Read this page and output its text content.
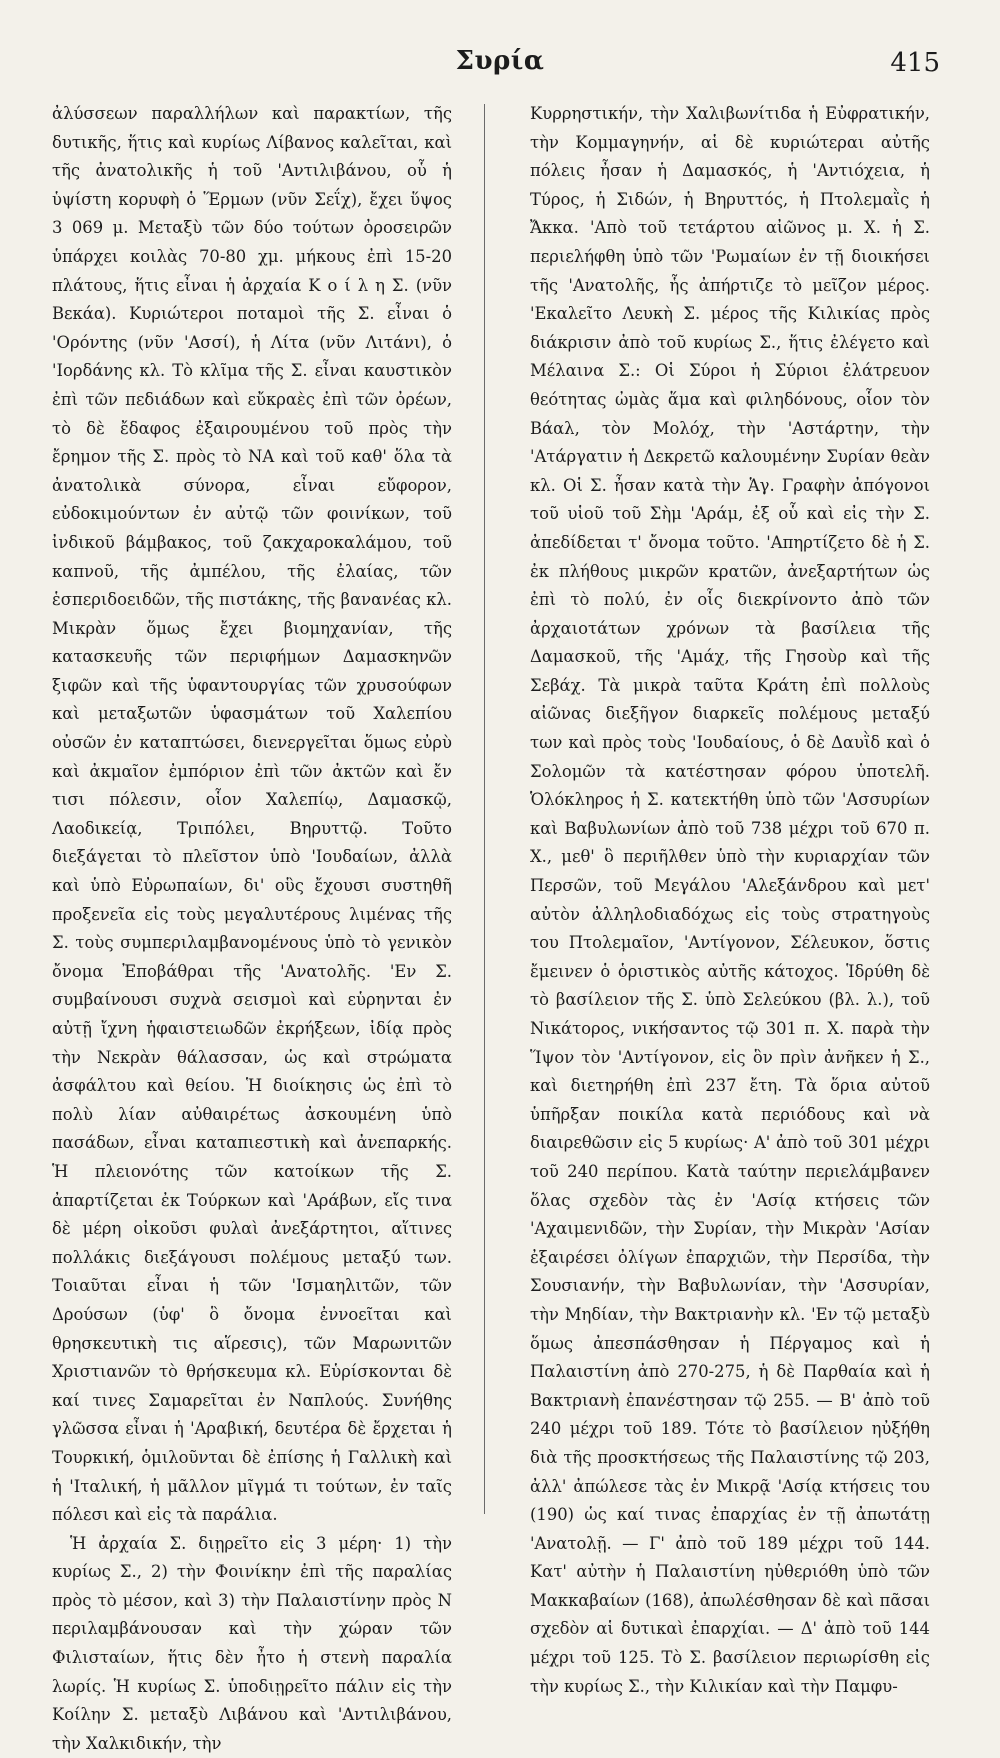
Συρία	415

ἀλύσσεων παραλλήλων καὶ παρακτίων, τῆς δυτικῆς, ἥτις καὶ κυρίως Λίβανος καλεῖται, καὶ τῆς ἀνατολικῆς ἡ τοῦ 'Αντιλιβάνου, οὗ ἡ ὑψίστη κορυφὴ ὁ Ἕρμων (νῦν Σεΐχ), ἔχει ὕψος 3 069 μ. Μεταξὺ τῶν δύο τούτων ὀροσειρῶν ὑπάρχει κοιλὰς 70-80 χμ. μήκους ἐπὶ 15-20 πλάτους, ἥτις εἶναι ἡ ἀρχαία Κ ο ί λ η Σ. (νῦν Βεκάα). Κυριώτεροι ποταμοὶ τῆς Σ. εἶναι ὁ 'Ορόντης (νῦν 'Ασσί), ἡ Λίτα (νῦν Λιτάνι), ὁ 'Ιορδάνης κλ. Τὸ κλῖμα τῆς Σ. εἶναι καυστικὸν ἐπὶ τῶν πεδιάδων καὶ εὔκραὲς ἐπὶ τῶν ὀρέων, τὸ δὲ ἔδαφος ἐξαιρουμένου τοῦ πρὸς τὴν ἔρημον τῆς Σ. πρὸς τὸ ΝΑ καὶ τοῦ καθ' ὅλα τὰ ἀνατολικὰ σύνορα, εἶναι εὔφορον, εὐδοκιμούντων ἐν αὐτῷ τῶν φοινίκων, τοῦ ἰνδικοῦ βάμβακος, τοῦ ζακχαροκαλάμου, τοῦ καπνοῦ, τῆς ἀμπέλου, τῆς ἐλαίας, τῶν ἑσπεριδοειδῶν, τῆς πιστάκης, τῆς βανανέας κλ. Μικρὰν ὅμως ἔχει βιομηχανίαν, τῆς κατασκευῆς τῶν περιφήμων Δαμασκηνῶν ξιφῶν καὶ τῆς ὑφαντουργίας τῶν χρυσούφων καὶ μεταξωτῶν ὑφασμάτων τοῦ Χαλεπίου οὐσῶν ἐν καταπτώσει, διενεργεῖται ὅμως εὐρὺ καὶ ἀκμαῖον ἐμπόριον ἐπὶ τῶν ἀκτῶν καὶ ἔν τισι πόλεσιν, οἷον Χαλεπίῳ, Δαμασκῷ, Λαοδικείᾳ, Τριπόλει, Βηρυττῷ. Τοῦτο διεξάγεται τὸ πλεῖστον ὑπὸ 'Ιουδαίων, ἀλλὰ καὶ ὑπὸ Εὐρωπαίων, δι' οὓς ἔχουσι συστηθῆ προξενεῖα εἰς τοὺς μεγαλυτέρους λιμένας τῆς Σ. τοὺς συμπεριλαμβανομένους ὑπὸ τὸ γενικὸν ὄνομα Ἐποβάθραι τῆς 'Ανατολῆς. 'Εν Σ. συμβαίνουσι συχνὰ σεισμοὶ καὶ εὑρηνται ἐν αὐτῇ ἴχνη ἡφαιστειωδῶν ἐκρήξεων, ἰδίᾳ πρὸς τὴν Νεκρὰν θάλασσαν, ὡς καὶ στρώματα ἀσφάλτου καὶ θείου. Ἡ διοίκησις ὡς ἐπὶ τὸ πολὺ λίαν αὐθαιρέτως ἀσκουμένη ὑπὸ πασάδων, εἶναι καταπιεστικὴ καὶ ἀνεπαρκής. Ἡ πλειονότης τῶν κατοίκων τῆς Σ. ἀπαρτίζεται ἐκ Τούρκων καὶ 'Αράβων, εἴς τινα δὲ μέρη οἰκοῦσι φυλαὶ ἀνεξάρτητοι, αἵτινες πολλάκις διεξάγουσι πολέμους μεταξύ των. Τοιαῦται εἶναι ἡ τῶν 'Ισμαηλιτῶν, τῶν Δρούσων (ὑφ' ὃ ὄνομα ἐννοεῖται καὶ θρησκευτικὴ τις αἵρεσις), τῶν Μαρωνιτῶν Χριστιανῶν τὸ θρήσκευμα κλ. Εὑρίσκονται δὲ καί τινες Σαμαρεῖται ἐν Ναπλούς. Συνήθης γλῶσσα εἶναι ἡ 'Αραβική, δευτέρα δὲ ἔρχεται ἡ Τουρκική, ὁμιλοῦνται δὲ ἐπίσης ἡ Γαλλικὴ καὶ ἡ 'Ιταλική, ἡ μᾶλλον μῖγμά τι τούτων, ἐν ταῖς πόλεσι καὶ εἰς τὰ παράλια.

Ἡ ἀρχαία Σ. διῃρεῖτο εἰς 3 μέρη· 1) τὴν κυρίως Σ., 2) τὴν Φοινίκην ἐπὶ τῆς παραλίας πρὸς τὸ μέσον, καὶ 3) τὴν Παλαιστίνην πρὸς Ν περιλαμβάνουσαν καὶ τὴν χώραν τῶν Φιλισταίων, ἥτις δὲν ἦτο ἡ στενὴ παραλία λωρίς. Ἡ κυρίως Σ. ὑποδιῃρεῖτο πάλιν εἰς τὴν Κοίλην Σ. μεταξὺ Λιβάνου καὶ 'Αντιλιβάνου, τὴν Χαλκιδικήν, τὴν

Κυρρηστικήν, τὴν Χαλιβωνίτιδα ἡ Εὐφρατικήν, τὴν Κομμαγηνήν, αἱ δὲ κυριώτεραι αὐτῆς πόλεις ἦσαν ἡ Δαμασκός, ἡ 'Αντιόχεια, ἡ Τύρος, ἡ Σιδών, ἡ Βηρυττός, ἡ Πτολεμαῒς ἡ Ἄκκα. 'Απὸ τοῦ τετάρτου αἰῶνος μ. Χ. ἡ Σ. περιελήφθη ὑπὸ τῶν 'Ρωμαίων ἐν τῇ διοικήσει τῆς 'Ανατολῆς, ἧς ἀπήρτιζε τὸ μεῖζον μέρος. 'Εκαλεῖτο Λευκὴ Σ. μέρος τῆς Κιλικίας πρὸς διάκρισιν ἀπὸ τοῦ κυρίως Σ., ἥτις ἐλέγετο καὶ Μέλαινα Σ.: Οἱ Σύροι ἡ Σύριοι ἐλάτρευον θεότητας ὠμὰς ἅμα καὶ φιληδόνους, οἷον τὸν Βάαλ, τὸν Μολόχ, τὴν 'Αστάρτην, τὴν 'Ατάργατιν ἡ Δεκρετῶ καλουμένην Συρίαν θεὰν κλ. Οἱ Σ. ἦσαν κατὰ τὴν Ἁγ. Γραφὴν ἀπόγονοι τοῦ υἱοῦ τοῦ Σὴμ 'Αράμ, ἐξ οὗ καὶ εἰς τὴν Σ. ἀπεδίδεται τ' ὄνομα τοῦτο. 'Απηρτίζετο δὲ ἡ Σ. ἐκ πλήθους μικρῶν κρατῶν, ἀνεξαρτήτων ὡς ἐπὶ τὸ πολύ, ἐν οἷς διεκρίνοντο ἀπὸ τῶν ἀρχαιοτάτων χρόνων τὰ βασίλεια τῆς Δαμασκοῦ, τῆς 'Αμάχ, τῆς Γησοὺρ καὶ τῆς Σεβάχ. Τὰ μικρὰ ταῦτα Κράτη ἐπὶ πολλοὺς αἰῶνας διεξῆγον διαρκεῖς πολέμους μεταξύ των καὶ πρὸς τοὺς 'Ιουδαίους, ὁ δὲ Δαυῒδ καὶ ὁ Σολομῶν τὰ κατέστησαν φόρου ὑποτελῆ. Ὁλόκληρος ἡ Σ. κατεκτήθη ὑπὸ τῶν 'Ασσυρίων καὶ Βαβυλωνίων ἀπὸ τοῦ 738 μέχρι τοῦ 670 π. Χ., μεθ' ὃ περιῆλθεν ὑπὸ τὴν κυριαρχίαν τῶν Περσῶν, τοῦ Μεγάλου 'Αλεξάνδρου καὶ μετ' αὐτὸν ἀλληλοδιαδόχως εἰς τοὺς στρατηγοὺς του Πτολεμαῖον, 'Αντίγονον, Σέλευκον, ὅστις ἔμεινεν ὁ ὁριστικὸς αὐτῆς κάτοχος. Ἱδρύθη δὲ τὸ βασίλειον τῆς Σ. ὑπὸ Σελεύκου (βλ. λ.), τοῦ Νικάτορος, νικήσαντος τῷ 301 π. Χ. παρὰ τὴν Ἵψον τὸν 'Αντίγονον, εἰς ὃν πρὶν ἀνῆκεν ἡ Σ., καὶ διετηρήθη ἐπὶ 237 ἔτη. Τὰ ὅρια αὐτοῦ ὑπῆρξαν ποικίλα κατὰ περιόδους καὶ νὰ διαιρεθῶσιν εἰς 5 κυρίως· Α' ἀπὸ τοῦ 301 μέχρι τοῦ 240 περίπου. Κατὰ ταύτην περιελάμβανεν ὅλας σχεδὸν τὰς ἐν 'Ασίᾳ κτήσεις τῶν 'Αχαιμενιδῶν, τὴν Συρίαν, τὴν Μικρὰν 'Ασίαν ἐξαιρέσει ὀλίγων ἐπαρχιῶν, τὴν Περσίδα, τὴν Σουσιανήν, τὴν Βαβυλωνίαν, τὴν 'Ασσυρίαν, τὴν Μηδίαν, τὴν Βακτριανὴν κλ. 'Εν τῷ μεταξὺ ὅμως ἀπεσπάσθησαν ἡ Πέργαμος καὶ ἡ Παλαιστίνη ἀπὸ 270-275, ἡ δὲ Παρθαία καὶ ἡ Βακτριανὴ ἐπανέστησαν τῷ 255. — Β' ἀπὸ τοῦ 240 μέχρι τοῦ 189. Τότε τὸ βασίλειον ηὐξήθη διὰ τῆς προσκτήσεως τῆς Παλαιστίνης τῷ 203, ἀλλ' ἀπώλεσε τὰς ἐν Μικρᾷ 'Ασίᾳ κτήσεις του (190) ὡς καί τινας ἐπαρχίας ἐν τῇ ἀπωτάτῃ 'Ανατολῇ. — Γ' ἀπὸ τοῦ 189 μέχρι τοῦ 144. Κατ' αὐτὴν ἡ Παλαιστίνη ηὐθεριόθη ὑπὸ τῶν Μακκαβαίων (168), ἀπωλέσθησαν δὲ καὶ πᾶσαι σχεδὸν αἱ δυτικαὶ ἐπαρχίαι. — Δ' ἀπὸ τοῦ 144 μέχρι τοῦ 125. Τὸ Σ. βασίλειον περιωρίσθη εἰς τὴν κυρίως Σ., τὴν Κιλικίαν καὶ τὴν Παμφυ-
